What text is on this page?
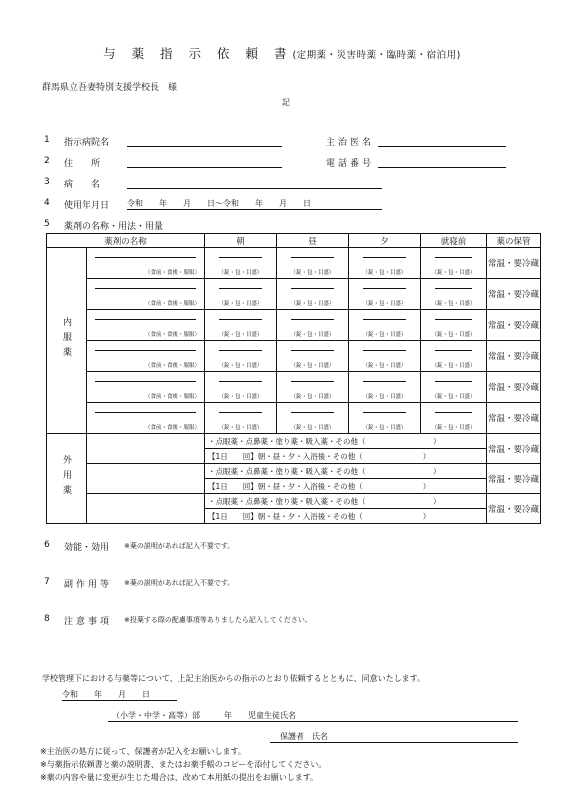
与 薬 指 示 依 頼 書(定期薬・災害時薬・臨時薬・宿泊用)
群馬県立吾妻特別支援学校長　様
記
1 指示病院名	主治医名
2 住　　所	電話番号
3 病　　名
4 使用年月日 令和　　年　　月　　日～令和　　年　　月　　日
5 薬剤の名称・用法・用量
薬剤の名称		朝	昼	夕	就寝前	薬の保管
内服薬	（食前・食後・服服）	（錠・包・目盛）	（錠・包・目盛）	（錠・包・目盛）	（錠・包・目盛）	常温・要冷蔵

	（食前・食後・服服）	（錠・包・目盛）	（錠・包・目盛）	（錠・包・目盛）	（錠・包・目盛）	常温・要冷蔵

	（食前・食後・服服）	（錠・包・目盛）	（錠・包・目盛）	（錠・包・目盛）	（錠・包・目盛）	常温・要冷蔵

	（食前・食後・服服）	（錠・包・目盛）	（錠・包・目盛）	（錠・包・目盛）	（錠・包・目盛）	常温・要冷蔵

	（食前・食後・服服）	（錠・包・目盛）	（錠・包・目盛）	（錠・包・目盛）	（錠・包・目盛）	常温・要冷蔵

	（食前・食後・服服）	（錠・包・目盛）	（錠・包・目盛）	（錠・包・目盛）	（錠・包・目盛）	常温・要冷蔵
外用薬		・点眼薬・点鼻薬・塗り薬・吸入薬・その他（　　　　　　　　　）				常温・要冷蔵
		【1日　　回】朝・昼・夕・入浴後・その他（　　　　　　　　）				
		・点眼薬・点鼻薬・塗り薬・吸入薬・その他（　　　　　　　　　）				常温・要冷蔵
		【1日　　回】朝・昼・夕・入浴後・その他（　　　　　　　　）				
		・点眼薬・点鼻薬・塗り薬・吸入薬・その他（　　　　　　　　　）				常温・要冷蔵
		【1日　　回】朝・昼・夕・入浴後・その他（　　　　　　　　）				
6 効能・効用 ※薬の説明があれば記入不要です。
7 副作用等 ※薬の説明があれば記入不要です。
8 注意事項 ※投薬する際の配慮事項等ありましたら記入してください。
学校管理下における与薬等について、上記主治医からの指示のとおり依頼するとともに、同意いたします。
令和　　年　　月　　日
（小学・中学・高等）部　　　年　　児童生徒氏名
保護者　氏名
※主治医の処方に従って、保護者が記入をお願いします。
※与薬指示依頼書と薬の説明書、またはお薬手帳のコピーを添付してください。
※薬の内容や量に変更が生じた場合は、改めて本用紙の提出をお願いします。
